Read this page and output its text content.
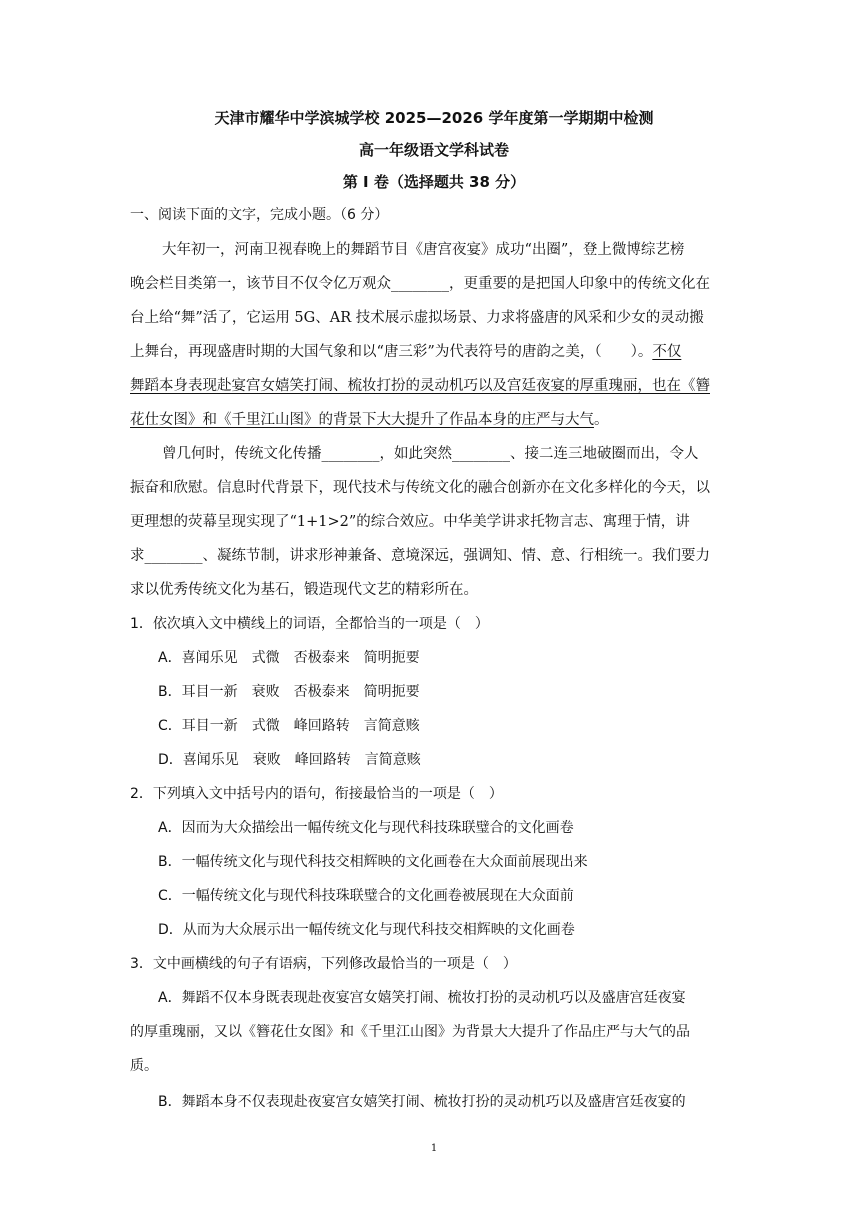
天津市耀华中学滨城学校 2025—2026 学年度第一学期期中检测
高一年级语文学科试卷
第 I 卷（选择题共 38 分）
一、阅读下面的文字，完成小题。（6 分）
大年初一，河南卫视春晚上的舞蹈节目《唐宫夜宴》成功“出圈”，登上微博综艺榜
晚会栏目类第一，该节目不仅令亿万观众________，更重要的是把国人印象中的传统文化在
台上给“舞”活了，它运用 5G、AR 技术展示虚拟场景、力求将盛唐的风采和少女的灵动搬
上舞台，再现盛唐时期的大国气象和以“唐三彩”为代表符号的唐韵之美，（　　）。不仅
舞蹈本身表现赴宴宫女嬉笑打闹、梳妆打扮的灵动机巧以及宫廷夜宴的厚重瑰丽，也在《簪
花仕女图》和《千里江山图》的背景下大大提升了作品本身的庄严与大气。
曾几何时，传统文化传播________，如此突然________、接二连三地破圈而出，令人
振奋和欣慰。信息时代背景下，现代技术与传统文化的融合创新亦在文化多样化的今天，以
更理想的荧幕呈现实现了“1+1>2”的综合效应。中华美学讲求托物言志、寓理于情，讲
求________、凝练节制，讲求形神兼备、意境深远，强调知、情、意、行相统一。我们要力
求以优秀传统文化为基石，锻造现代文艺的精彩所在。
1．依次填入文中横线上的词语，全都恰当的一项是（　）
A．喜闻乐见　式微　否极泰来　简明扼要
B．耳目一新　衰败　否极泰来　简明扼要
C．耳目一新　式微　峰回路转　言简意赅
D．喜闻乐见　衰败　峰回路转　言简意赅
2．下列填入文中括号内的语句，衔接最恰当的一项是（　）
A．因而为大众描绘出一幅传统文化与现代科技珠联璧合的文化画卷
B．一幅传统文化与现代科技交相辉映的文化画卷在大众面前展现出来
C．一幅传统文化与现代科技珠联璧合的文化画卷被展现在大众面前
D．从而为大众展示出一幅传统文化与现代科技交相辉映的文化画卷
3．文中画横线的句子有语病，下列修改最恰当的一项是（　）
A．舞蹈不仅本身既表现赴夜宴宫女嬉笑打闹、梳妆打扮的灵动机巧以及盛唐宫廷夜宴
的厚重瑰丽，又以《簪花仕女图》和《千里江山图》为背景大大提升了作品庄严与大气的品
质。
B．舞蹈本身不仅表现赴夜宴宫女嬉笑打闹、梳妆打扮的灵动机巧以及盛唐宫廷夜宴的
1
